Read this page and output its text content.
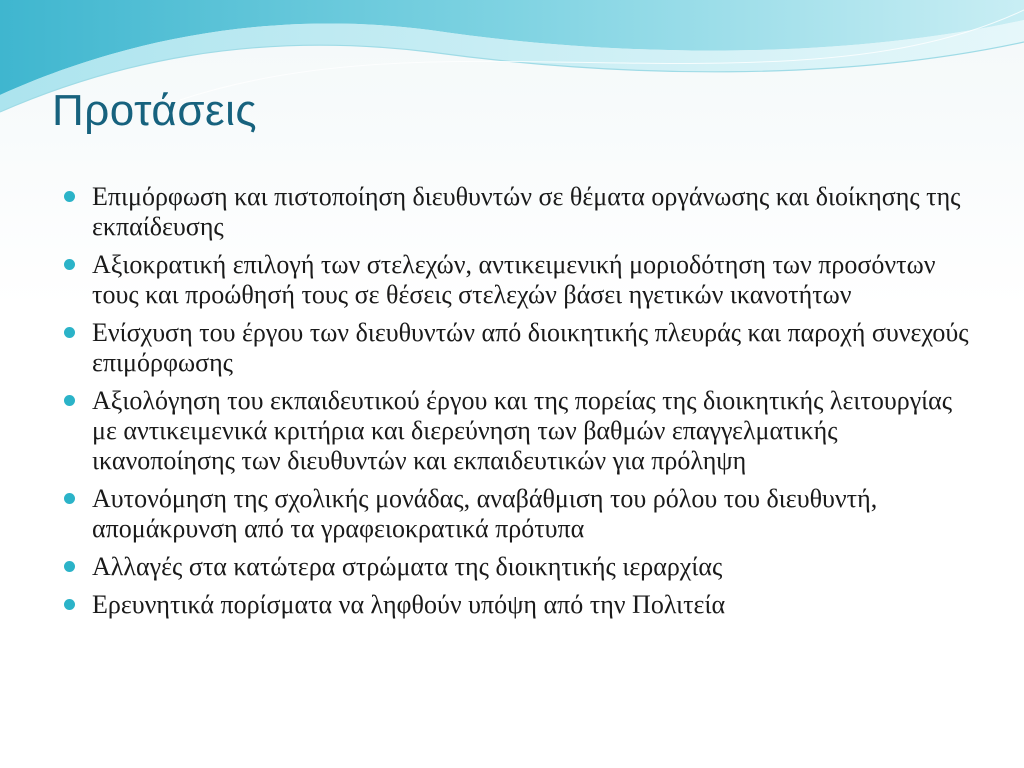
Προτάσεις
Επιμόρφωση και πιστοποίηση διευθυντών σε θέματα οργάνωσης και διοίκησης της εκπαίδευσης
Αξιοκρατική επιλογή των στελεχών, αντικειμενική μοριοδότηση των προσόντων τους και προώθησή τους σε θέσεις στελεχών βάσει ηγετικών ικανοτήτων
Ενίσχυση του έργου των διευθυντών από διοικητικής πλευράς και παροχή συνεχούς επιμόρφωσης
Αξιολόγηση του εκπαιδευτικού έργου και της πορείας της διοικητικής λειτουργίας με αντικειμενικά κριτήρια και διερεύνηση των βαθμών επαγγελματικής ικανοποίησης των διευθυντών και εκπαιδευτικών για πρόληψη
Αυτονόμηση της σχολικής μονάδας, αναβάθμιση του ρόλου του διευθυντή, απομάκρυνση από τα γραφειοκρατικά πρότυπα
Αλλαγές στα κατώτερα στρώματα της διοικητικής ιεραρχίας
Ερευνητικά πορίσματα να ληφθούν υπόψη από την Πολιτεία
